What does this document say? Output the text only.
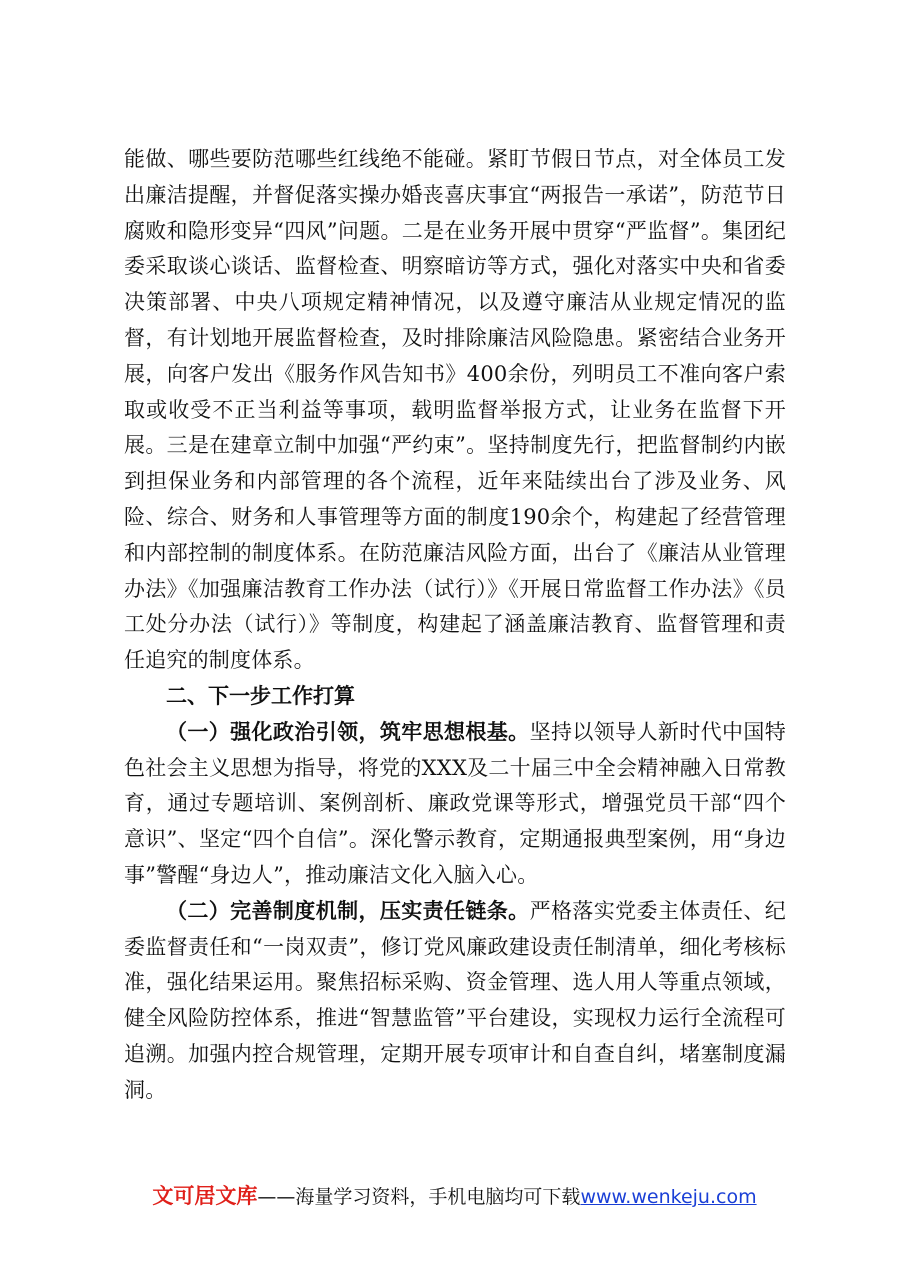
能做、哪些要防范哪些红线绝不能碰。紧盯节假日节点，对全体员工发出廉洁提醒，并督促落实操办婚丧喜庆事宜“两报告一承诺”，防范节日腐败和隐形变异“四风”问题。二是在业务开展中贯穿“严监督”。集团纪委采取谈心谈话、监督检查、明察暗访等方式，强化对落实中央和省委决策部署、中央八项规定精神情况，以及遵守廉洁从业规定情况的监督，有计划地开展监督检查，及时排除廉洁风险隐患。紧密结合业务开展，向客户发出《服务作风告知书》400余份，列明员工不准向客户索取或收受不正当利益等事项，载明监督举报方式，让业务在监督下开展。三是在建章立制中加强“严约束”。坚持制度先行，把监督制约内嵌到担保业务和内部管理的各个流程，近年来陆续出台了涉及业务、风险、综合、财务和人事管理等方面的制度190余个，构建起了经营管理和内部控制的制度体系。在防范廉洁风险方面，出台了《廉洁从业管理办法》《加强廉洁教育工作办法（试行）》《开展日常监督工作办法》《员工处分办法（试行）》等制度，构建起了涵盖廉洁教育、监督管理和责任追究的制度体系。

二、下一步工作打算

（一）强化政治引领，筑牢思想根基。坚持以领导人新时代中国特色社会主义思想为指导，将党的XXX及二十届三中全会精神融入日常教育，通过专题培训、案例剖析、廉政党课等形式，增强党员干部“四个意识”、坚定“四个自信”。深化警示教育，定期通报典型案例，用“身边事”警醒“身边人”，推动廉洁文化入脑入心。

（二）完善制度机制，压实责任链条。严格落实党委主体责任、纪委监督责任和“一岗双责”，修订党风廉政建设责任制清单，细化考核标准，强化结果运用。聚焦招标采购、资金管理、选人用人等重点领域，健全风险防控体系，推进“智慧监管”平台建设，实现权力运行全流程可追溯。加强内控合规管理，定期开展专项审计和自查自纠，堵塞制度漏洞。

文可居文库——海量学习资料，手机电脑均可下载www.wenkeju.com
